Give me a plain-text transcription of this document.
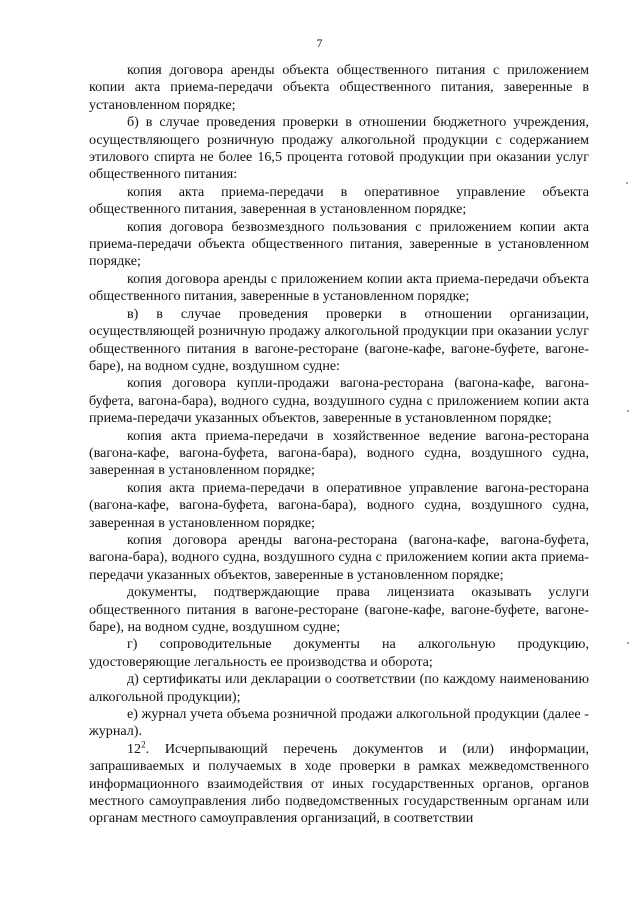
7

копия договора аренды объекта общественного питания с приложением копии акта приема-передачи объекта общественного питания, заверенные в установленном порядке;

б) в случае проведения проверки в отношении бюджетного учреждения, осуществляющего розничную продажу алкогольной продукции с содержанием этилового спирта не более 16,5 процента готовой продукции при оказании услуг общественного питания:

копия акта приема-передачи в оперативное управление объекта общественного питания, заверенная в установленном порядке;

копия договора безвозмездного пользования с приложением копии акта приема-передачи объекта общественного питания, заверенные в установленном порядке;

копия договора аренды с приложением копии акта приема-передачи объекта общественного питания, заверенные в установленном порядке;

в) в случае проведения проверки в отношении организации, осуществляющей розничную продажу алкогольной продукции при оказании услуг общественного питания в вагоне-ресторане (вагоне-кафе, вагоне-буфете, вагоне-баре), на водном судне, воздушном судне:

копия договора купли-продажи вагона-ресторана (вагона-кафе, вагона-буфета, вагона-бара), водного судна, воздушного судна с приложением копии акта приема-передачи указанных объектов, заверенные в установленном порядке;

копия акта приема-передачи в хозяйственное ведение вагона-ресторана (вагона-кафе, вагона-буфета, вагона-бара), водного судна, воздушного судна, заверенная в установленном порядке;

копия акта приема-передачи в оперативное управление вагона-ресторана (вагона-кафе, вагона-буфета, вагона-бара), водного судна, воздушного судна, заверенная в установленном порядке;

копия договора аренды вагона-ресторана (вагона-кафе, вагона-буфета, вагона-бара), водного судна, воздушного судна с приложением копии акта приема-передачи указанных объектов, заверенные в установленном порядке;

документы, подтверждающие права лицензиата оказывать услуги общественного питания в вагоне-ресторане (вагоне-кафе, вагоне-буфете, вагоне-баре), на водном судне, воздушном судне;

г) сопроводительные документы на алкогольную продукцию, удостоверяющие легальность ее производства и оборота;

д) сертификаты или декларации о соответствии (по каждому наименованию алкогольной продукции);

е) журнал учета объема розничной продажи алкогольной продукции (далее - журнал).

$12^2$. Исчерпывающий перечень документов и (или) информации, запрашиваемых и получаемых в ходе проверки в рамках межведомственного информационного взаимодействия от иных государственных органов, органов местного самоуправления либо подведомственных государственным органам или органам местного самоуправления организаций, в соответствии
